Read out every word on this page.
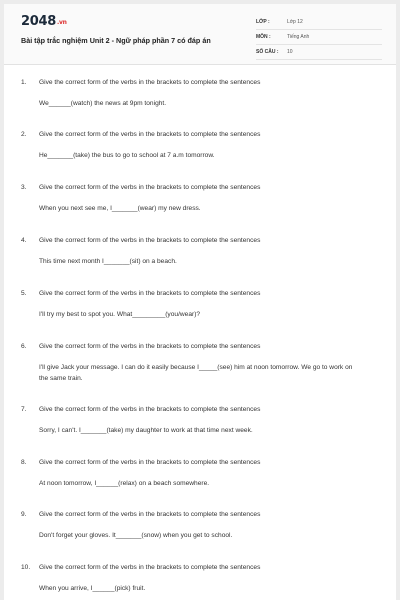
2048.vn
Bài tập trắc nghiệm Unit 2 - Ngữ pháp phần 7 có đáp án
LỚP :	Lớp 12
MÔN :	Tiếng Anh
SỐ CÂU : 10
1. Give the correct form of the verbs in the brackets to complete the sentences
We______(watch) the news at 9pm tonight.
2. Give the correct form of the verbs in the brackets to complete the sentences
He_______(take) the bus to go to school at 7 a.m tomorrow.
3. Give the correct form of the verbs in the brackets to complete the sentences
When you next see me, I_______(wear) my new dress.
4. Give the correct form of the verbs in the brackets to complete the sentences
This time next month I_______(sit) on a beach.
5. Give the correct form of the verbs in the brackets to complete the sentences
I'll try my best to spot you. What_________(you/wear)?
6. Give the correct form of the verbs in the brackets to complete the sentences
I'll give Jack your message. I can do it easily because I_____(see) him at noon tomorrow. We go to work on the same train.
7. Give the correct form of the verbs in the brackets to complete the sentences
Sorry, I can't. I_______(take) my daughter to work at that time next week.
8. Give the correct form of the verbs in the brackets to complete the sentences
At noon tomorrow, I______(relax) on a beach somewhere.
9. Give the correct form of the verbs in the brackets to complete the sentences
Don't forget your gloves. It_______(snow) when you get to school.
10. Give the correct form of the verbs in the brackets to complete the sentences
When you arrive, I______(pick) fruit.
